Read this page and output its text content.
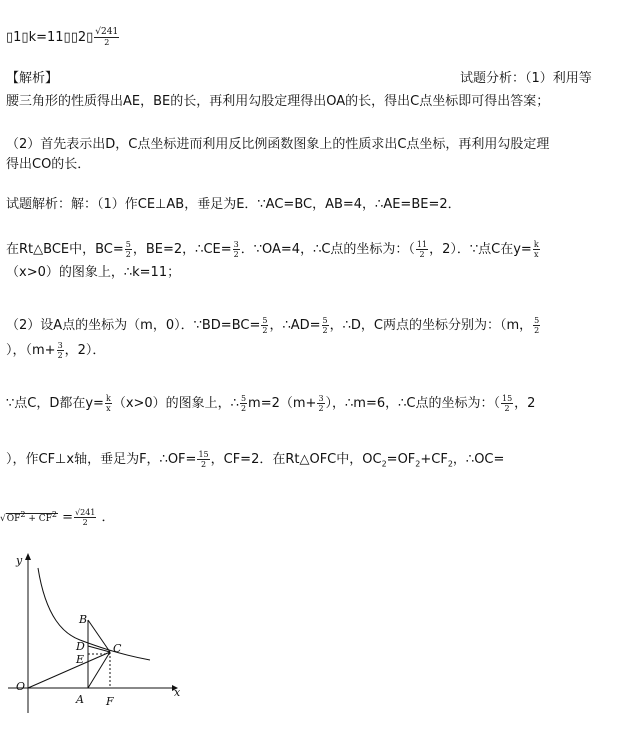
▯1▯k=11▯▯2▯ $\frac{√241}{2}$
【解析】	试题分析：（1）利用等
腰三角形的性质得出AE，BE的长，再利用勾股定理得出OA的长，得出C点坐标即可得出答案；
（2）首先表示出D，C点坐标进而利用反比例函数图象上的性质求出C点坐标，再利用勾股定理
得出CO的长．
试题解析：解：（1）作CE⊥AB，垂足为E．∵AC=BC，AB=4，∴AE=BE=2．
在Rt△BCE中，$BC= \frac{5}{2}$ ，BE=2，∴CE= $\frac{3}{2}$ ．∵OA=4，∴C点的坐标为：（ $\frac{11}{2}$ ，2）．∵点C在$y= \frac{k}{x}$
（x>0）的图象上，∴k=11；
（2）设A点的坐标为（m，0）．∵BD=BC= $\frac{5}{2}$ ，∴AD= $\frac{5}{2}$ ，∴D，C两点的坐标分别为：（m， $\frac{5}{2}$
），（$m+ \frac{3}{2}$ ，2）．
∵点C，D都在$y= \frac{k}{x} (x>0)$的图象上，∴ $\frac{5}{2} m=2(m+ \frac{3}{2}$ ），∴m=6，∴C点的坐标为：（ $\frac{15}{2}$ ，2
），作CF⊥x轴，垂足为F，∴OF= $\frac{15}{2}$ ，CF=2．在Rt△OFC中，$OC_2=OF_2+CF_2$，∴OC=
$√OF^2 + CF^2 = \frac{√241}{2}$ ．
y
x
O
A
B
C
D
E
F
